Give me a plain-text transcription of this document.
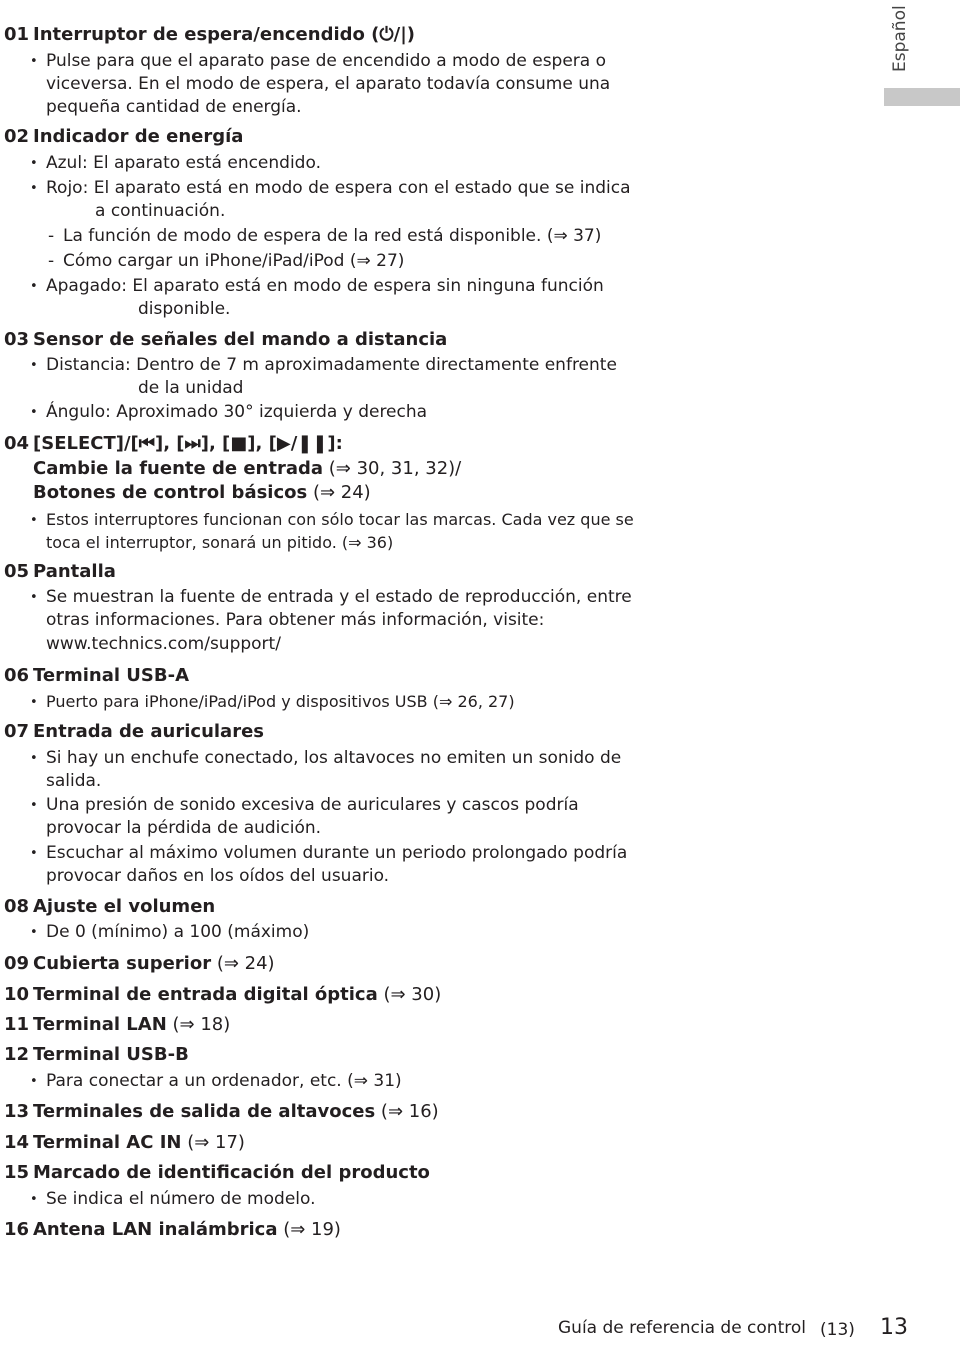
Español
01 Interruptor de espera/encendido (⏻/|)
• Pulse para que el aparato pase de encendido a modo de espera o
viceversa. En el modo de espera, el aparato todavía consume una
pequeña cantidad de energía.
02 Indicador de energía
• Azul: El aparato está encendido.
• Rojo: El aparato está en modo de espera con el estado que se indica
a continuación.
- La función de modo de espera de la red está disponible. (⇒ 37)
- Cómo cargar un iPhone/iPad/iPod (⇒ 27)
• Apagado: El aparato está en modo de espera sin ninguna función
disponible.
03 Sensor de señales del mando a distancia
• Distancia: Dentro de 7 m aproximadamente directamente enfrente
de la unidad
• Ángulo: Aproximado 30° izquierda y derecha
04 [SELECT]/[⏮], [⏭], [■], [▶/❚❚]:
Cambie la fuente de entrada (⇒ 30, 31, 32)/
Botones de control básicos (⇒ 24)
• Estos interruptores funcionan con sólo tocar las marcas. Cada vez que se
toca el interruptor, sonará un pitido. (⇒ 36)
05 Pantalla
• Se muestran la fuente de entrada y el estado de reproducción, entre
otras informaciones. Para obtener más información, visite:
www.technics.com/support/
06 Terminal USB-A
• Puerto para iPhone/iPad/iPod y dispositivos USB (⇒ 26, 27)
07 Entrada de auriculares
• Si hay un enchufe conectado, los altavoces no emiten un sonido de
salida.
• Una presión de sonido excesiva de auriculares y cascos podría
provocar la pérdida de audición.
• Escuchar al máximo volumen durante un periodo prolongado podría
provocar daños en los oídos del usuario.
08 Ajuste el volumen
• De 0 (mínimo) a 100 (máximo)
09 Cubierta superior (⇒ 24)
10 Terminal de entrada digital óptica (⇒ 30)
11 Terminal LAN (⇒ 18)
12 Terminal USB-B
• Para conectar a un ordenador, etc. (⇒ 31)
13 Terminales de salida de altavoces (⇒ 16)
14 Terminal AC IN (⇒ 17)
15 Marcado de identificación del producto
• Se indica el número de modelo.
16 Antena LAN inalámbrica (⇒ 19)
Guía de referencia de control (13) 13
